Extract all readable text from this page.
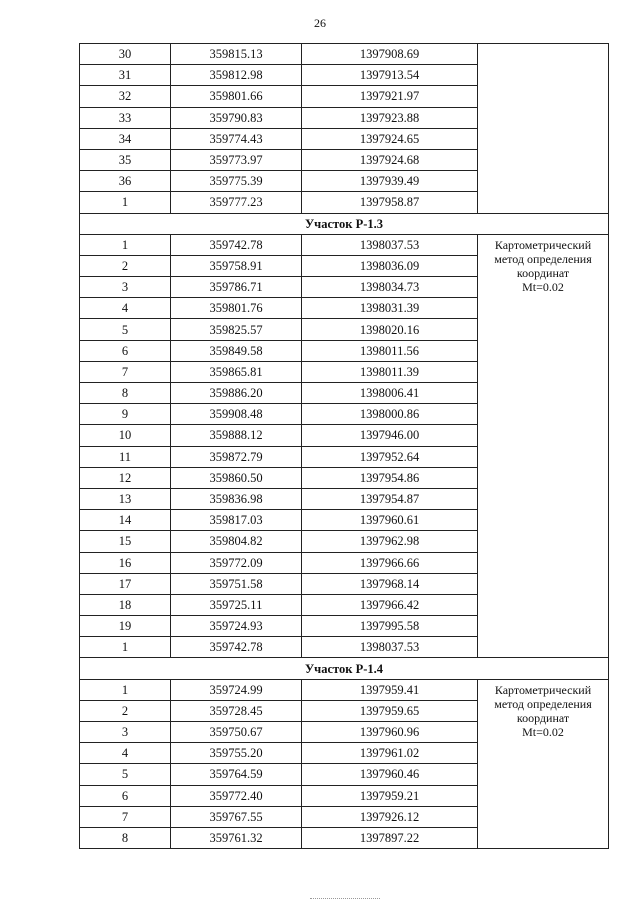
26
30	359815.13	1397908.69	
31	359812.98	1397913.54	
32	359801.66	1397921.97	
33	359790.83	1397923.88	
34	359774.43	1397924.65	
35	359773.97	1397924.68	
36	359775.39	1397939.49	
1	359777.23	1397958.87	
Участок Р-1.3			
1	359742.78	1398037.53	Картометрический
метод определения
координат
Mt=0.02

2	359758.91	1398036.09	
3	359786.71	1398034.73	
4	359801.76	1398031.39	
5	359825.57	1398020.16	
6	359849.58	1398011.56	
7	359865.81	1398011.39	
8	359886.20	1398006.41	
9	359908.48	1398000.86	
10	359888.12	1397946.00	
11	359872.79	1397952.64	
12	359860.50	1397954.86	
13	359836.98	1397954.87	
14	359817.03	1397960.61	
15	359804.82	1397962.98	
16	359772.09	1397966.66	
17	359751.58	1397968.14	
18	359725.11	1397966.42	
19	359724.93	1397995.58	
1	359742.78	1398037.53	
Участок Р-1.4			
1	359724.99	1397959.41	Картометрический
метод определения
координат
Mt=0.02

2	359728.45	1397959.65	
3	359750.67	1397960.96	
4	359755.20	1397961.02	
5	359764.59	1397960.46	
6	359772.40	1397959.21	
7	359767.55	1397926.12	
8	359761.32	1397897.22	
